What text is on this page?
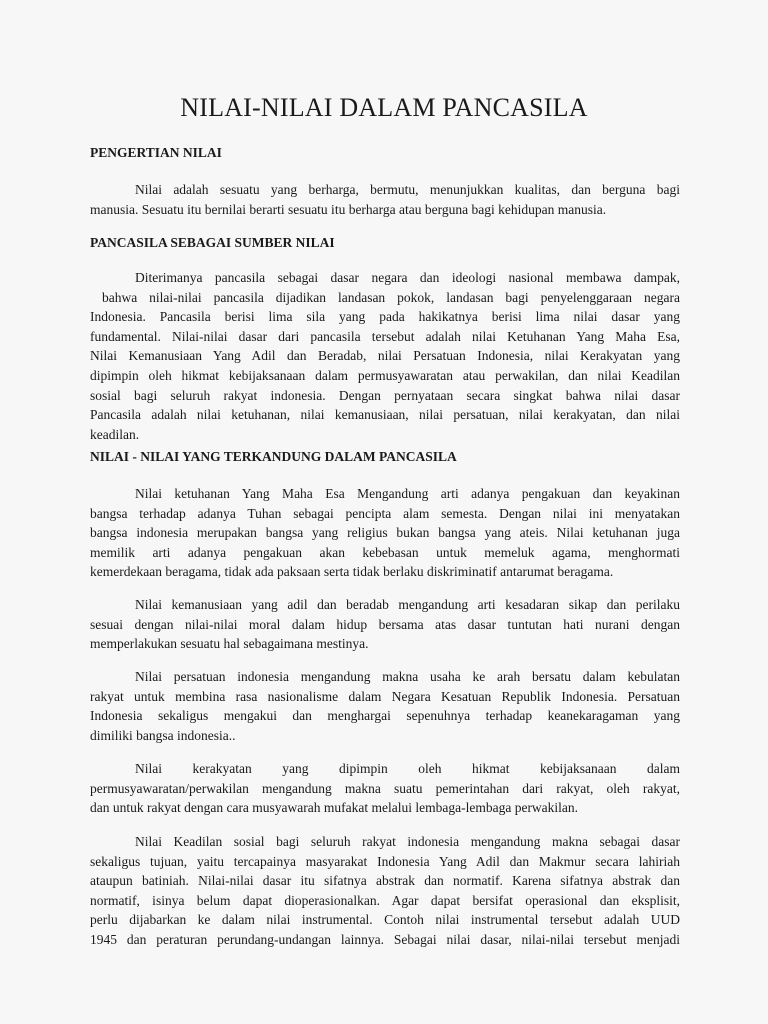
NILAI-NILAI DALAM PANCASILA
PENGERTIAN NILAI
Nilai adalah sesuatu yang berharga, bermutu, menunjukkan kualitas, dan berguna bagi
manusia. Sesuatu itu bernilai berarti sesuatu itu berharga atau berguna bagi kehidupan manusia.
PANCASILA SEBAGAI SUMBER NILAI
Diterimanya pancasila sebagai dasar negara dan ideologi nasional membawa dampak,
bahwa nilai-nilai pancasila dijadikan landasan pokok, landasan bagi penyelenggaraan negara
Indonesia. Pancasila berisi lima sila yang pada hakikatnya berisi lima nilai dasar yang
fundamental. Nilai-nilai dasar dari pancasila tersebut adalah nilai Ketuhanan Yang Maha Esa,
Nilai Kemanusiaan Yang Adil dan Beradab, nilai Persatuan Indonesia, nilai Kerakyatan yang
dipimpin oleh hikmat kebijaksanaan dalam permusyawaratan atau perwakilan, dan nilai Keadilan
sosial bagi seluruh rakyat indonesia. Dengan pernyataan secara singkat bahwa nilai dasar
Pancasila adalah nilai ketuhanan, nilai kemanusiaan, nilai persatuan, nilai kerakyatan, dan nilai
keadilan.
NILAI - NILAI YANG TERKANDUNG DALAM PANCASILA
Nilai ketuhanan Yang Maha Esa Mengandung arti adanya pengakuan dan keyakinan
bangsa terhadap adanya Tuhan sebagai pencipta alam semesta. Dengan nilai ini menyatakan
bangsa indonesia merupakan bangsa yang religius bukan bangsa yang ateis. Nilai ketuhanan juga
memilik arti adanya pengakuan akan kebebasan untuk memeluk agama, menghormati
kemerdekaan beragama, tidak ada paksaan serta tidak berlaku diskriminatif antarumat beragama.
Nilai kemanusiaan yang adil dan beradab mengandung arti kesadaran sikap dan perilaku
sesuai dengan nilai-nilai moral dalam hidup bersama atas dasar tuntutan hati nurani dengan
memperlakukan sesuatu hal sebagaimana mestinya.
Nilai persatuan indonesia mengandung makna usaha ke arah bersatu dalam kebulatan
rakyat untuk membina rasa nasionalisme dalam Negara Kesatuan Republik Indonesia. Persatuan
Indonesia sekaligus mengakui dan menghargai sepenuhnya terhadap keanekaragaman yang
dimiliki bangsa indonesia..
Nilai kerakyatan yang dipimpin oleh hikmat kebijaksanaan dalam
permusyawaratan/perwakilan mengandung makna suatu pemerintahan dari rakyat, oleh rakyat,
dan untuk rakyat dengan cara musyawarah mufakat melalui lembaga-lembaga perwakilan.
Nilai Keadilan sosial bagi seluruh rakyat indonesia mengandung makna sebagai dasar
sekaligus tujuan, yaitu tercapainya masyarakat Indonesia Yang Adil dan Makmur secara lahiriah
ataupun batiniah. Nilai-nilai dasar itu sifatnya abstrak dan normatif. Karena sifatnya abstrak dan
normatif, isinya belum dapat dioperasionalkan. Agar dapat bersifat operasional dan eksplisit,
perlu dijabarkan ke dalam nilai instrumental. Contoh nilai instrumental tersebut adalah UUD
1945 dan peraturan perundang-undangan lainnya. Sebagai nilai dasar, nilai-nilai tersebut menjadi
